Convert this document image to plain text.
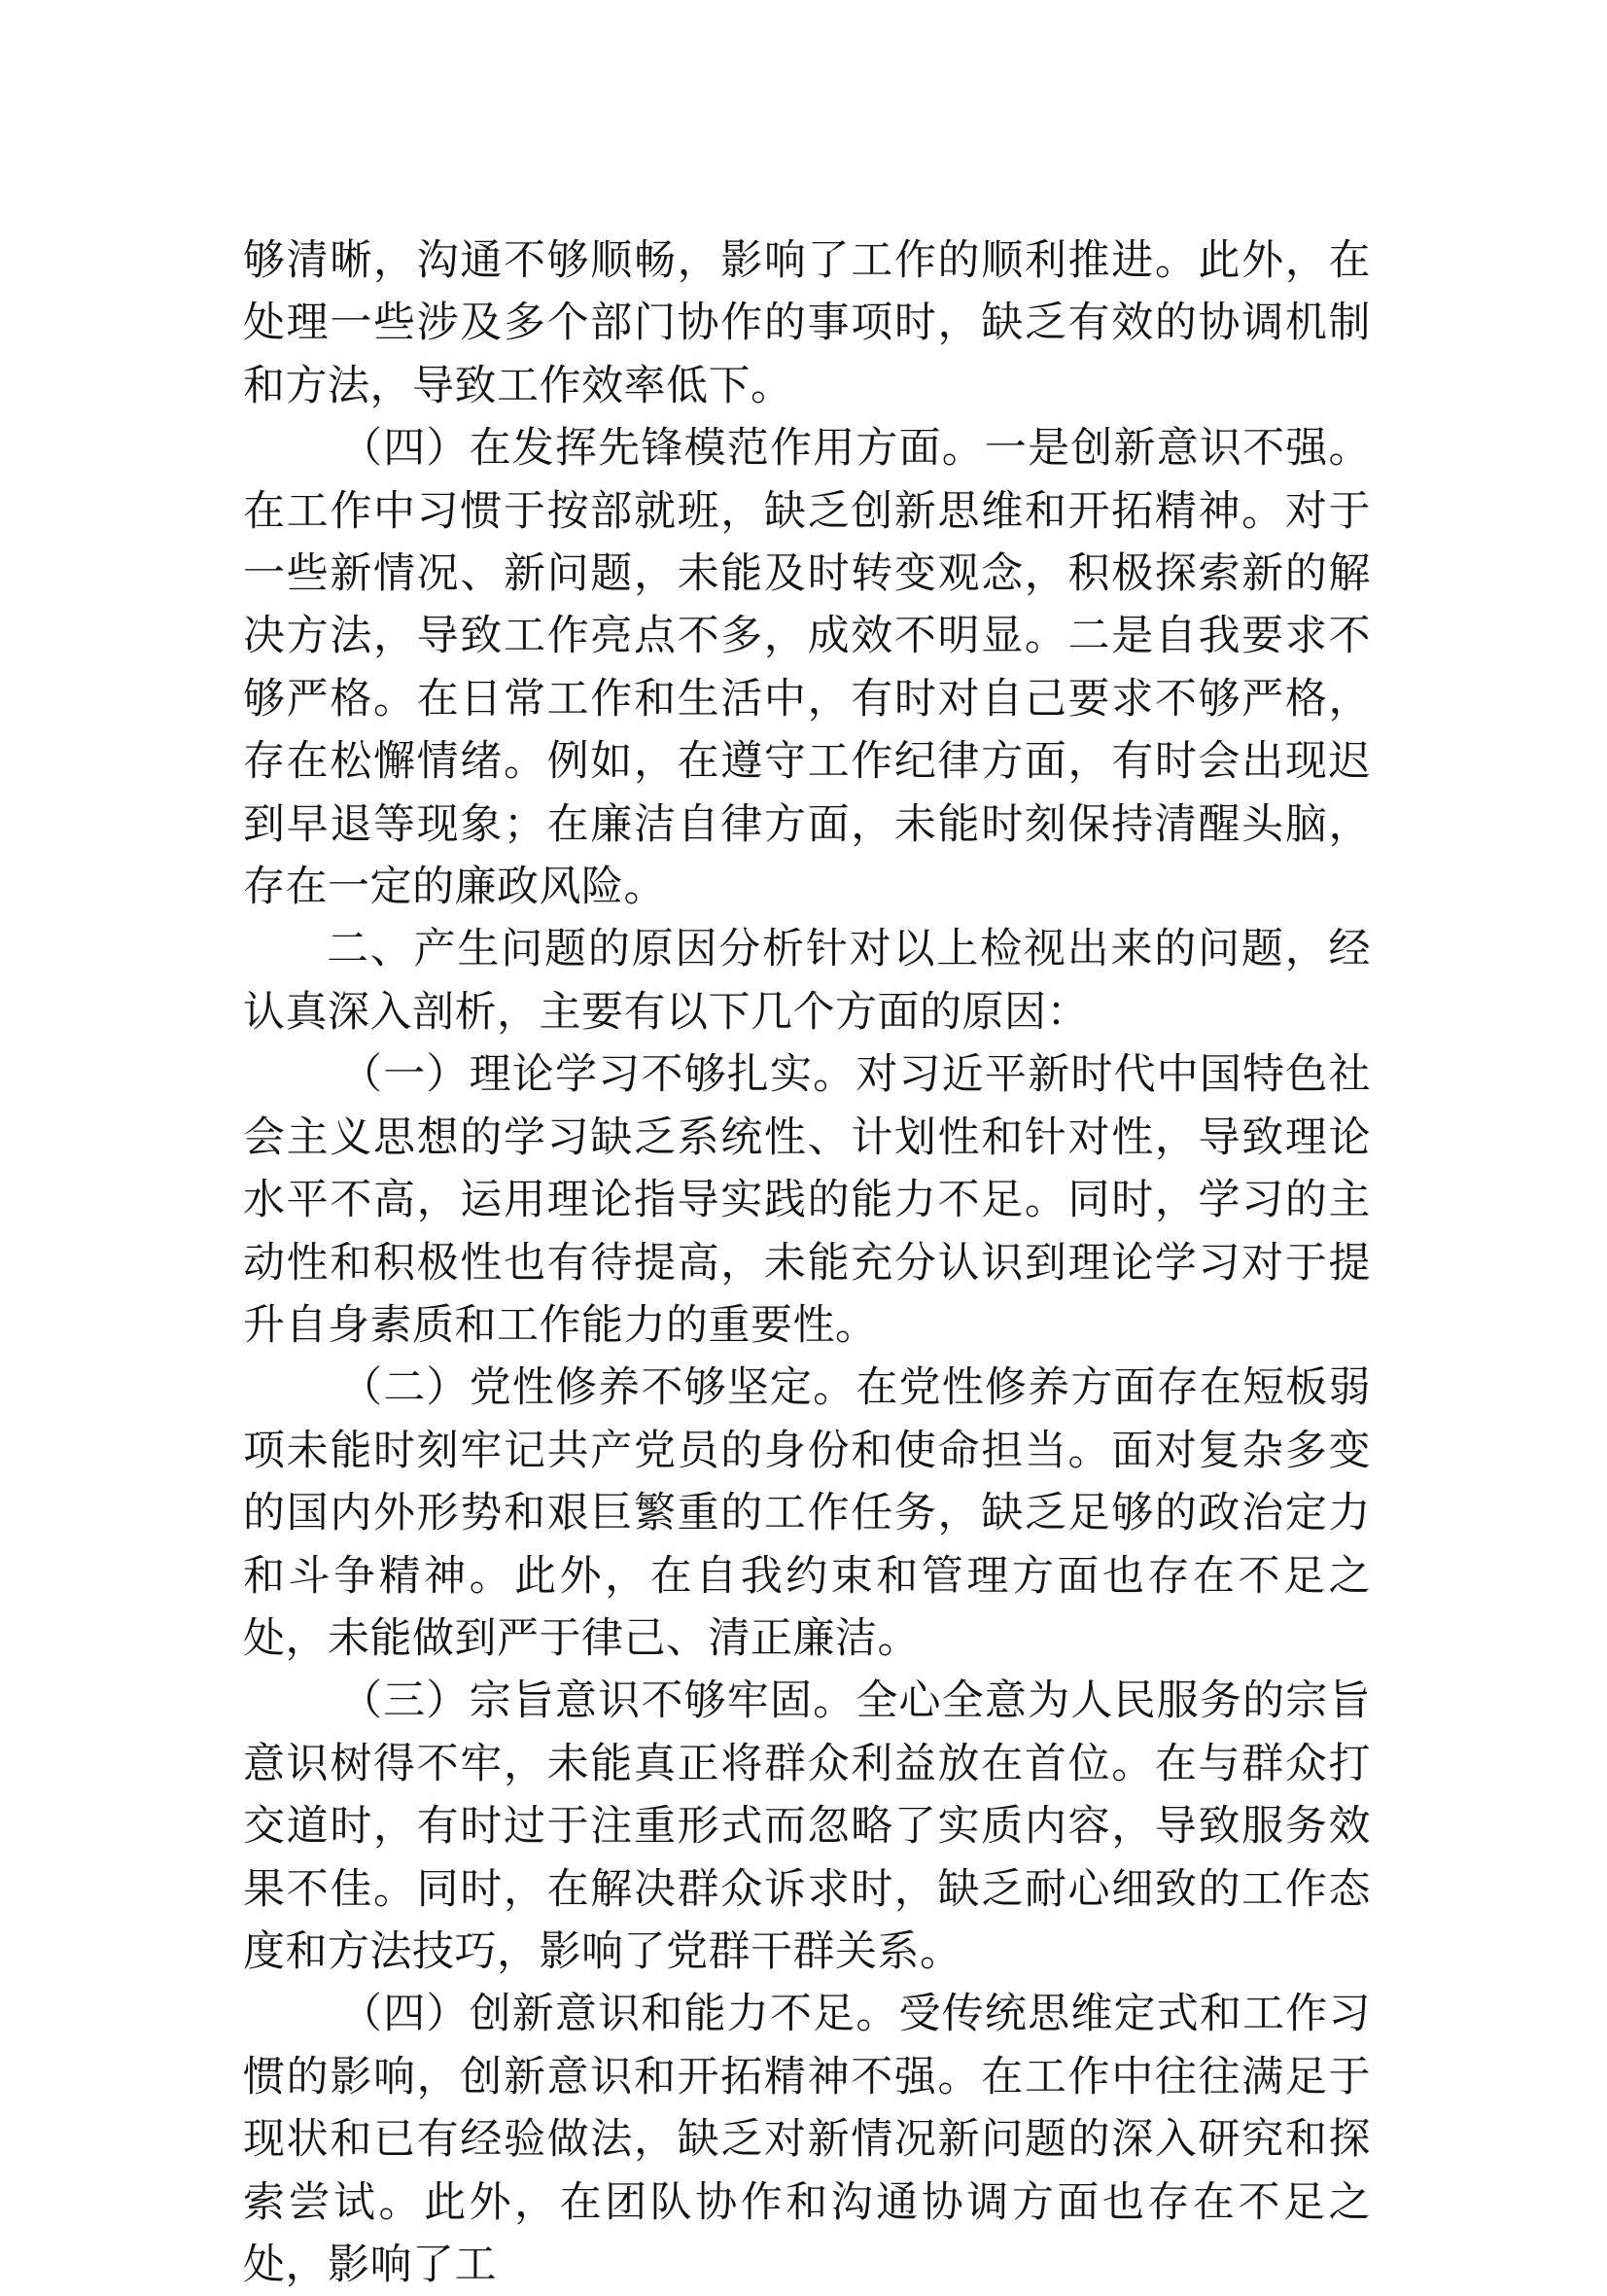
够清晰，沟通不够顺畅，影响了工作的顺利推进。此外，在处理一些涉及多个部门协作的事项时，缺乏有效的协调机制和方法，导致工作效率低下。

（四）在发挥先锋模范作用方面。一是创新意识不强。在工作中习惯于按部就班，缺乏创新思维和开拓精神。对于一些新情况、新问题，未能及时转变观念，积极探索新的解决方法，导致工作亮点不多，成效不明显。二是自我要求不够严格。在日常工作和生活中，有时对自己要求不够严格，存在松懈情绪。例如，在遵守工作纪律方面，有时会出现迟到早退等现象；在廉洁自律方面，未能时刻保持清醒头脑，存在一定的廉政风险。

二、产生问题的原因分析针对以上检视出来的问题，经认真深入剖析，主要有以下几个方面的原因：

（一）理论学习不够扎实。对习近平新时代中国特色社会主义思想的学习缺乏系统性、计划性和针对性，导致理论水平不高，运用理论指导实践的能力不足。同时，学习的主动性和积极性也有待提高，未能充分认识到理论学习对于提升自身素质和工作能力的重要性。

（二）党性修养不够坚定。在党性修养方面存在短板弱项未能时刻牢记共产党员的身份和使命担当。面对复杂多变的国内外形势和艰巨繁重的工作任务，缺乏足够的政治定力和斗争精神。此外，在自我约束和管理方面也存在不足之处，未能做到严于律己、清正廉洁。

（三）宗旨意识不够牢固。全心全意为人民服务的宗旨意识树得不牢，未能真正将群众利益放在首位。在与群众打交道时，有时过于注重形式而忽略了实质内容，导致服务效果不佳。同时，在解决群众诉求时，缺乏耐心细致的工作态度和方法技巧，影响了党群干群关系。

（四）创新意识和能力不足。受传统思维定式和工作习惯的影响，创新意识和开拓精神不强。在工作中往往满足于现状和已有经验做法，缺乏对新情况新问题的深入研究和探索尝试。此外，在团队协作和沟通协调方面也存在不足之处，影响了工
